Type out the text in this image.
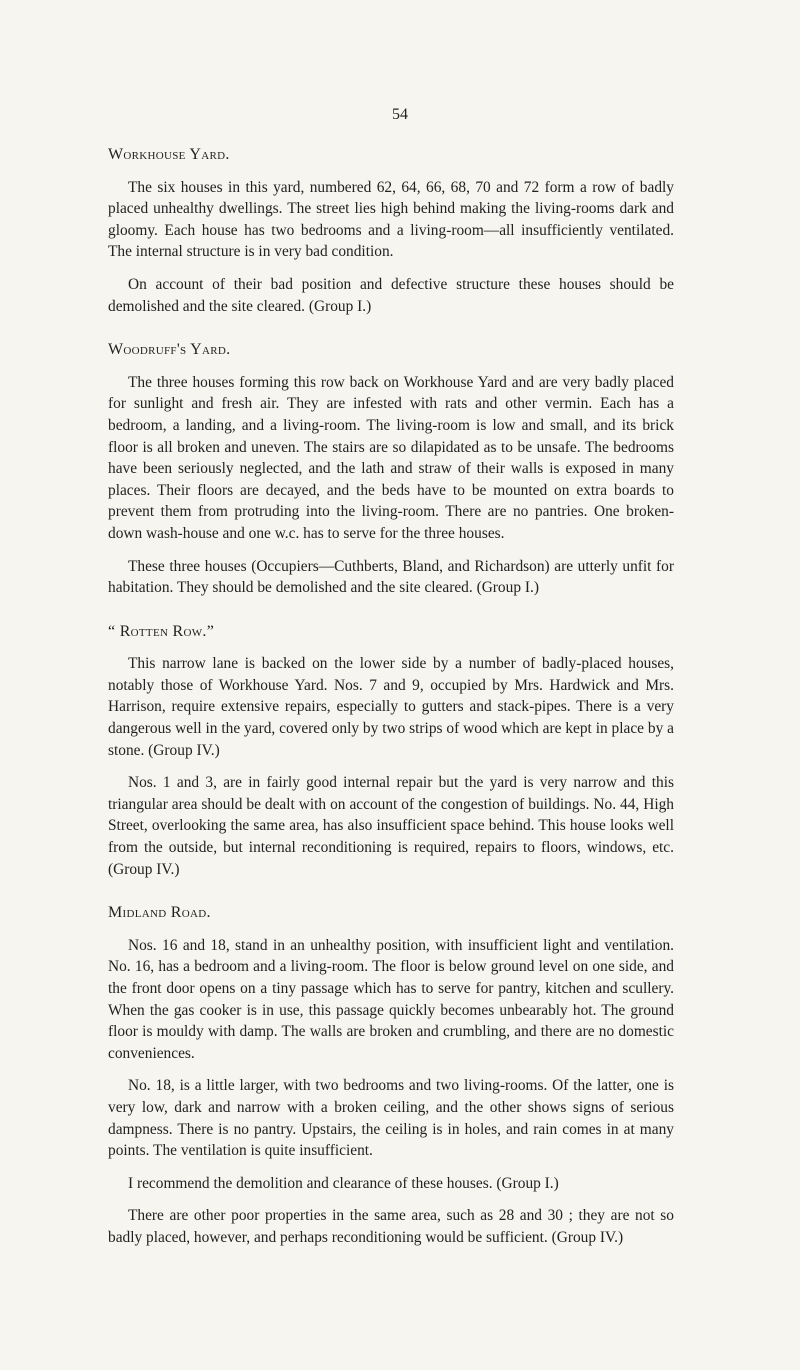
54
Workhouse Yard.

The six houses in this yard, numbered 62, 64, 66, 68, 70 and 72 form a row of badly placed unhealthy dwellings. The street lies high behind making the living-rooms dark and gloomy. Each house has two bedrooms and a living-room—all insufficiently ventilated. The internal structure is in very bad condition.

On account of their bad position and defective structure these houses should be demolished and the site cleared. (Group I.)

Woodruff's Yard.

The three houses forming this row back on Workhouse Yard and are very badly placed for sunlight and fresh air. They are infested with rats and other vermin. Each has a bedroom, a landing, and a living-room. The living-room is low and small, and its brick floor is all broken and uneven. The stairs are so dilapidated as to be unsafe. The bedrooms have been seriously neglected, and the lath and straw of their walls is exposed in many places. Their floors are decayed, and the beds have to be mounted on extra boards to prevent them from protruding into the living-room. There are no pantries. One broken-down wash-house and one w.c. has to serve for the three houses.

These three houses (Occupiers—Cuthberts, Bland, and Richardson) are utterly unfit for habitation. They should be demolished and the site cleared. (Group I.)

“ Rotten Row.”

This narrow lane is backed on the lower side by a number of badly-placed houses, notably those of Workhouse Yard. Nos. 7 and 9, occupied by Mrs. Hardwick and Mrs. Harrison, require extensive repairs, especially to gutters and stack-pipes. There is a very dangerous well in the yard, covered only by two strips of wood which are kept in place by a stone. (Group IV.)

Nos. 1 and 3, are in fairly good internal repair but the yard is very narrow and this triangular area should be dealt with on account of the congestion of buildings. No. 44, High Street, overlooking the same area, has also insufficient space behind. This house looks well from the outside, but internal reconditioning is required, repairs to floors, windows, etc. (Group IV.)

Midland Road.

Nos. 16 and 18, stand in an unhealthy position, with insufficient light and ventilation. No. 16, has a bedroom and a living-room. The floor is below ground level on one side, and the front door opens on a tiny passage which has to serve for pantry, kitchen and scullery. When the gas cooker is in use, this passage quickly becomes unbearably hot. The ground floor is mouldy with damp. The walls are broken and crumbling, and there are no domestic conveniences.

No. 18, is a little larger, with two bedrooms and two living-rooms. Of the latter, one is very low, dark and narrow with a broken ceiling, and the other shows signs of serious dampness. There is no pantry. Upstairs, the ceiling is in holes, and rain comes in at many points. The ventilation is quite insufficient.

I recommend the demolition and clearance of these houses. (Group I.)

There are other poor properties in the same area, such as 28 and 30 ; they are not so badly placed, however, and perhaps reconditioning would be sufficient. (Group IV.)
